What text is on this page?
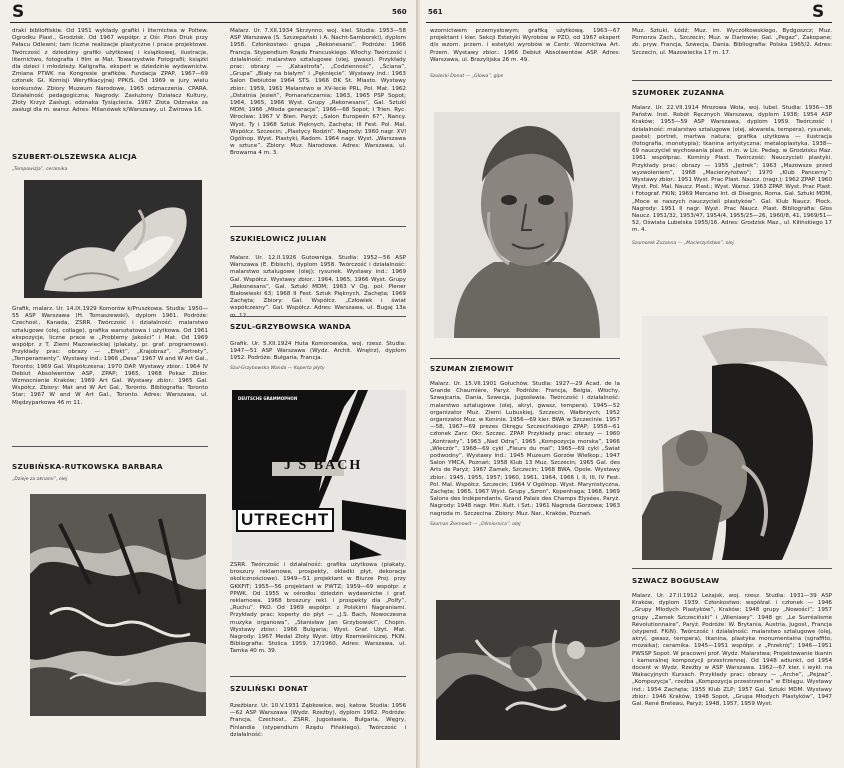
S	560

draki bibliofilskie. Od 1951 wykłady grafiki i liternictwa w Poltew. Ogrodku Plast., Grodzisk. Od 1967 współpr. z Ośr. Plon Druk przy Pałacu Odlewni; tam liczne realizacje plastyczne i prace projektowe. Twórczość z dziedziny grafiki użytkowej i książkowej, ilustracje, liternictwo, fotografia i film w Mat. Towarzystwie Fotografii; książki dla dzieci i młodzieży. Kaligrafia, ekspert w dziedzinie wydawnictw. Zmiana PTWK na Kongresie grafików. Fundacja ZPAP, 1967—69 członek Gł. Komisji Weryfikacyjnej PPKiS. Od 1969 w jury wielu konkursów. Zbiory Muzeum Narodowe, 1965 odznaczenia. CPARA. Działalność pedagogiczna; Nagrody: Zasłużony Działacz Kultury, Złoty Krzyż Zasługi, odznaka Tysiąclecia. 1967 Złota Odznaka za zasługi dla m. warsz. Adres: Milanówek k/Warszawy, ul. Żwirowa 16.

SZUBERT-OLSZEWSKA ALICJA

„Tempowizja”, ceramika

Grafik, malarz. Ur. 14.IX.1929 Komorów k/Pruszkowa. Studia: 1950—55 ASP Warszawa (H. Tomaszewski), dyplom 1961. Podróże: Czechosł., Kanada, ZSRR. Twórczość i działalność: malarstwo sztalugowe (olej, collage), grafika warsztatowa i użytkowa. Od 1961 ekspozycje, liczne prace w „Problemy Jakości” i Mat. Od 1969 współpr. z T. Ziemi Mazowieckiej (plakaty, pr. graf. programowe). Przykłady prac: obrazy — „Efekt”, „Krajobraz”, „Portrety”, „Temperamenty”. Wystawy ind.: 1966 „Desa” 1967 W and W Art Gal., Toronto; 1969 Gal. Współczesna; 1970 DAP. Wystawy zbior.: 1964 IV Debiut Absolwentów ASP, ZPAP; 1965, 1968 Pokaz Zbior. Wzmocnienie Kraków; 1969 Art Gal. Wystawy zbior.: 1965 Gal. Współcz. Zbiory: Mat and W Art Gal., Toronto. Bibliografia: Toronto Star; 1967 W and W Art Gal., Toronto. Adres: Warszawa, ul. Międzyparkowa 46 m 11.

SZUBIŃSKA-RUTKOWSKA BARBARA

„Dzieje za oknami”, olej

Malarz. Ur. 7.XII.1934 Skrzynno, woj. kiel. Studia: 1953—58 ASP Warszawa (S. Szczepański i A. Nacht-Samborski), dyplom 1958. Członkostwo: grupa „Rekonesans”. Podróże: 1966 Francja. Stypendium Rządu Francuskiego. Włochy. Twórczość i działalność: malarstwo sztalugowe (olej, gwasz). Przykłady prac: obrazy — „Katastrofa”, „Codzienność”, „Ściana”, „Grupa” „Biały na białym” i „Pęknięcie”. Wystawy ind.: 1963 Salon Debiutów 1964 STS. 1966 DK St. Miasto. Wystawy zbior.: 1959, 1961 Malarstwo w XV-lecie PRL, Pol. Mat. 1962 „Ostatnia Jesień”, Pomarańczarnia; 1963, 1965 PSP Sopot; 1964, 1965, 1966 Wyst. Grupy „Rekonesans”, Gal. Sztuki MDM; 1966 „Młoda generacja”; 1966—68 Sopot; I Trien. Ryc. Wrocław; 1967 V Bien. Paryż; „Salon Europeén 67”, Nancy. Wyst. Ty i 1968 Sztuk Pięknych, Zachęta; III Fest. Pol. Mal. Współcz. Szczecin; „Plastycy Rodzin”. Nagrody: 1960 nagr. XVI Ogólnop. Wyst. Plastyki, Radom. 1964 nagr. Wyst. „Warszawa w sztuce”. Zbiory: Muz. Narodowe. Adres: Warszawa, ul. Browarna 4 m. 3.

SZUKIELOWICZ JULIAN

Malarz. Ur. 12.II.1926 Gutowniga. Studia: 1952—56 ASP Warszawa (E. Eibisch), dyplom 1958. Twórczość i działalność: malarstwo sztalugowe (olej); rysunek. Wystawy ind.: 1969 Gal. Współcz. Wystawy zbior.: 1964, 1965, 1966 Wyst. Grupy „Rekonesans”, Gal. Sztuki MDM; 1963 V Og. pol. Plener Białowieski 63; 1968 II Fest. Sztuk Pięknych, Zachęta; 1969 Zachęta; Zbiory: Gal. Współcz. „Człowiek i świat współczesny”. Gal. Współcz. Adres: Warszawa, ul. Bugaj 13a

SZUL-GRZYBOWSKA WANDA

Grafik. Ur. 5.XII.1924 Huta Komorowska, woj. rzesz. Studia: 1947—51 ASP Warszawa (Wydz. Archit. Wnętrz), dyplom 1952. Podróże: Bułgaria, Francja.

Szul-Grzybowska Wanda — Koperta płyty

DEUTSCHE GRAMMOPHON
J S BACH
ORGELWERKE
UTRECHT

ZSRR. Twórczość i działalność: grafika użytkowa (plakaty, broszury reklamowe, prospekty, okładki płyt, dekoracje okolicznościowe). 1949—51 projektant w Biurze Proj. przy GKKFiT; 1955—56 projektant w PWTZ; 1959—69 współpr. z PPWK. Od 1955 w ośrodku dziedzin wydawnictw i graf. reklamowa. 1968 broszury rekl. i prospekty dla „Polfy”, „Ruchu”. PKO. Od 1969 współpr. z Polskimi Nagraniami. Przykłady prac: koperty do płyt — „J.S. Bach, Nowoczesna muzyka organowa”, „Stanisław Jan Grzybowski”, Chopin. Wystawy zbior.: 1966 Bulgaria; Wyst. Graf. Użyt. Mat. Nagrody: 1967 Medal Złoty Wyst. Iżby Rzemieślniczej. FKiN. Bibliografia: Stolica 1959, 17/1960. Adres: Warszawa, ul. Tamka 40 m. 39.

SZULIŃSKI DONAT

Rzeźbiarz. Ur. 10.V.1931 Ząbkowice, woj. katow. Studia: 1956—62 ASP Warszawa (Wydz. Rzeźby), dyplom 1962. Podróże: Francja, Czechosł., ZSRR, Jugosławia, Bułgaria, Węgry, Finlandia (stypendium Rządu Fińskiego). Twórczość i działalność:

561	S

wzornictwem przemysłowym; grafiką użytkową. 1963—67 projektant i kier. Sekcji Estetyki Wyrobów w PZO, od 1967 ekspert d/s wzorn. przem. i estetyki wyrobów w Centr. Wzornictwa Art. Przem. Wystawy zbior.: 1966 Debiut Absolwentów ASP. Adres: Warszawa, ul. Brazylijska 26 m. 49.

Szulecki Donat — „Głowa”, gips

SZUMAN ZIEMOWIT

Malarz. Ur. 15.VII.1901 Gołuchów. Studia: 1927—29 Acad. de la Grande Chaumière, Paryż. Podróże: Francja, Belgia, Włochy, Szwajcaria, Dania, Szwecja, Jugosławia. Twórczość i działalność: malarstwo sztalugowe (olej, akryl, gwasz, tempera). 1945—52 organizator Muz. Ziemi Lubuskiej, Szczecin, Wałbrzych; 1952 organizator Muz. w Koninie. 1956—69 kier. BWA w Szczecinie. 1957—58, 1967—69 prezes Okręgu Szczecińskiego ZPAP; 1958—61 członek Zarz. Okr. Szczec. ZPAP. Przykłady prac: obrazy — 1960 „Kontrasty”, 1963 „Nad Odrą”, 1965 „Kompozycja morska”, 1966 „Wieczór”, 1968—69 cykl „Fleurs du mal”; 1965—69 cykl „Świat podwodny”. Wystawy ind.: 1945 Muzeum Gorzów Wielkop.; 1947 Salon YMCA, Poznań; 1958 Klub 13 Muz, Szczecin; 1965 Gal. des Arts de Paryż; 1967 Zamek, Szczecin; 1968 BWA, Opole. Wystawy zbior.: 1945, 1955, 1957; 1960, 1961, 1964, 1966 I, II, III, IV Fest. Pol. Mal. Współcz. Szczecin; 1964 V Ogólnop. Wyst. Marynistyczna, Zachęta; 1965, 1967 Wyst. Grupy „Szron”, Kopenhaga; 1968, 1969 Salons des Indépendants, Grand Palais des Champs Elysées, Paryż. Nagrody: 1948 nagr. Min. Kult. i Szt.; 1961 Nagroda Gorzowa; 1963 nagroda m. Szczecina. Zbiory: Muz. Nar., Kraków, Poznań.

Szuman Ziemowit — „Ośmiornica”, olej

Muz. Sztuki, Łódź; Muz. im. Wyczółkowskiego, Bydgoszcz; Muz. Pomorza Zach., Szczecin; Muz. w Darłowie; Gal. „Pegaz”, Zakopane; zb. pryw. Francja, Szwecja, Dania. Bibliografia: Polska 1965/2. Adres: Szczecin, ul. Mazowiecka 17 m. 17.

SZUMOREK ZUZANNA

Malarz. Ur. 22.VII.1914 Mrozowa Wola, woj. lubel. Studia: 1936—38 Państw. Inst. Robót Ręcznych Warszawa, dyplom 1938; 1954 ASP Kraków; 1955—59 ASP Warszawa, dyplom 1959. Twórczość i działalność: malarstwo sztalugowe (olej, akwarela, tempera), rysunek, pastel; portret, martwa natura; grafika użytkowa — ilustracja (fotografia, monotypia); tkanina artystyczna; metaloplastyka. 1938—69 nauczyciel wychowania plast. m.in. w Lic. Pedag. w Grodzisku Maz. 1961 współprac. Kominiy Plast. Twórczość: Nauczycieli plastyki. Przykłady prac: obrazy — 1955 „Jędrek”; 1963 „Mazowsze przed wyzwoleniem”, 1968 „Macierzyństwo”; 1970 „Klub Pancerny”; Wystawy zbior.: 1951 Wyst. Prac Plast. Naucz. (nagr.); 1962 ZPAP. 1960 Wyst. Pol. Mal. Naucz. Plast.; Wyst. Warsz. 1963 ZPAP. Wyst. Prac Plast. i Fotograf. FKiN; 1969 Mercano Int. di Disegno, Roma. Gal. Sztuki MDM, „Moce w naszych nauczycieli plastyków”. Gal. Klub Naucz. Płock. Nagrody: 1951 II nagr. Wyst. Prac Naucz. Plast. Bibliografia: Głos Naucz. 1951/32, 1953/47, 1954/4, 1955/25—26, 1960/8, 41, 1969/51—52, Oświata Lubelska 1955/16. Adres: Grodzisk Maz., ul. Kiłińskiego 17 m. 4.

Szumorek Zuzanna — „Macierzyństwo”, olej

SZWACZ BOGUSŁAW

Malarz. Ur. 27.II.1912 Leżajsk, woj. rzesz. Studia: 1931—39 ASP Kraków, dyplom 1939. Członkostwo: współzał. i członek — 1946 „Grupy Młodych Plastyków”, Kraków; 1948 grupy „Nowości”; 1957 grupy „Zamek Szczeciński” i „Wieniawy”. 1948 gr. „Le Surréalisme Révolutionnaire”, Paryż. Podróże: W. Brytania, Austria, Jugosł., Francja (stypend. FKiN). Twórczość i działalność: malarstwo sztalugowe (olej, akryl, gwasz, tempera), tkanina, plastyka monumentalna (sgraffito, mozaika); ceramika. 1945—1951 współpr. z „Przekrój”; 1946—1951 PWSSP Sopot. W pracowni prof. Wydz. Malarstwa; Projektowanie tkanin i kameralnej kompozycji przestrzennej. Od 1948 adiunkt, od 1954 docent w Wydz. Rzeźby w ASP Warszawa. 1962—67 kier. i wykł. na Wakacyjnych Kursach. Przykłady prac: obrazy — „Arche”, „Pejzaż”, „Kompozycja”, rzeźba „Kompozycja przestrzenna” w Elblągu. Wystawy ind.: 1954 Zachęta; 1955 Klub ZLP; 1957 Gal. Sztuki MDM. Wystawy zbior.: 1946 Kraków, 1948 Sopot, „Grupa Młodych Plastyków”, 1947 Gal. René Breteau, Paryż; 1948, 1957, 1959 Wyst.
